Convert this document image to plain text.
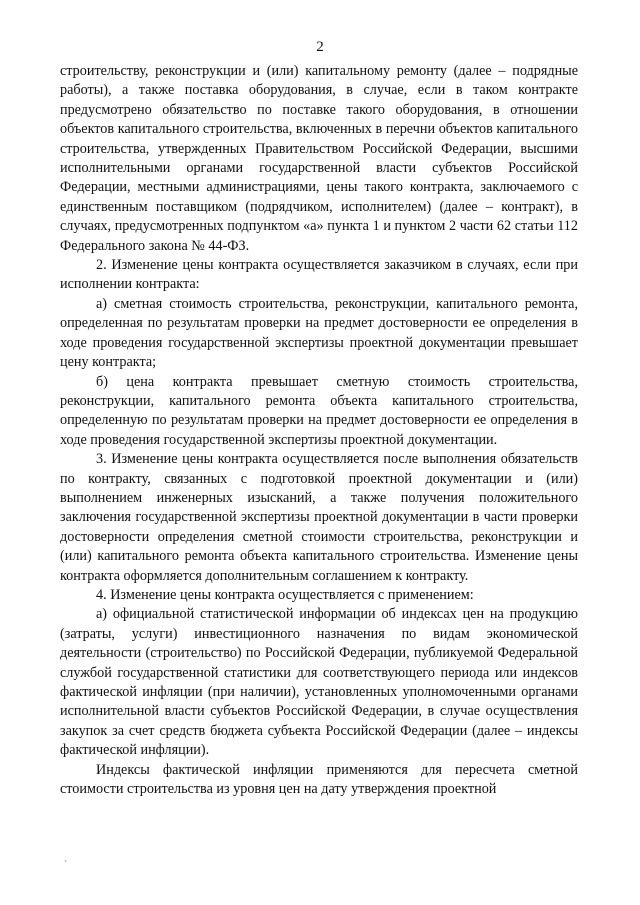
2

строительству, реконструкции и (или) капитальному ремонту (далее – подрядные работы), а также поставка оборудования, в случае, если в таком контракте предусмотрено обязательство по поставке такого оборудования, в отношении объектов капитального строительства, включенных в перечни объектов капитального строительства, утвержденных Правительством Российской Федерации, высшими исполнительными органами государственной власти субъектов Российской Федерации, местными администрациями, цены такого контракта, заключаемого с единственным поставщиком (подрядчиком, исполнителем) (далее – контракт), в случаях, предусмотренных подпунктом «а» пункта 1 и пунктом 2 части 62 статьи 112 Федерального закона № 44-ФЗ.

2. Изменение цены контракта осуществляется заказчиком в случаях, если при исполнении контракта:

а) сметная стоимость строительства, реконструкции, капитального ремонта, определенная по результатам проверки на предмет достоверности ее определения в ходе проведения государственной экспертизы проектной документации превышает цену контракта;

б) цена контракта превышает сметную стоимость строительства, реконструкции, капитального ремонта объекта капитального строительства, определенную по результатам проверки на предмет достоверности ее определения в ходе проведения государственной экспертизы проектной документации.

3. Изменение цены контракта осуществляется после выполнения обязательств по контракту, связанных с подготовкой проектной документации и (или) выполнением инженерных изысканий, а также получения положительного заключения государственной экспертизы проектной документации в части проверки достоверности определения сметной стоимости строительства, реконструкции и (или) капитального ремонта объекта капитального строительства. Изменение цены контракта оформляется дополнительным соглашением к контракту.

4. Изменение цены контракта осуществляется с применением:

а) официальной статистической информации об индексах цен на продукцию (затраты, услуги) инвестиционного назначения по видам экономической деятельности (строительство) по Российской Федерации, публикуемой Федеральной службой государственной статистики для соответствующего периода или индексов фактической инфляции (при наличии), установленных уполномоченными органами исполнительной власти субъектов Российской Федерации, в случае осуществления закупок за счет средств бюджета субъекта Российской Федерации (далее – индексы фактической инфляции).

Индексы фактической инфляции применяются для пересчета сметной стоимости строительства из уровня цен на дату утверждения проектной

˯
